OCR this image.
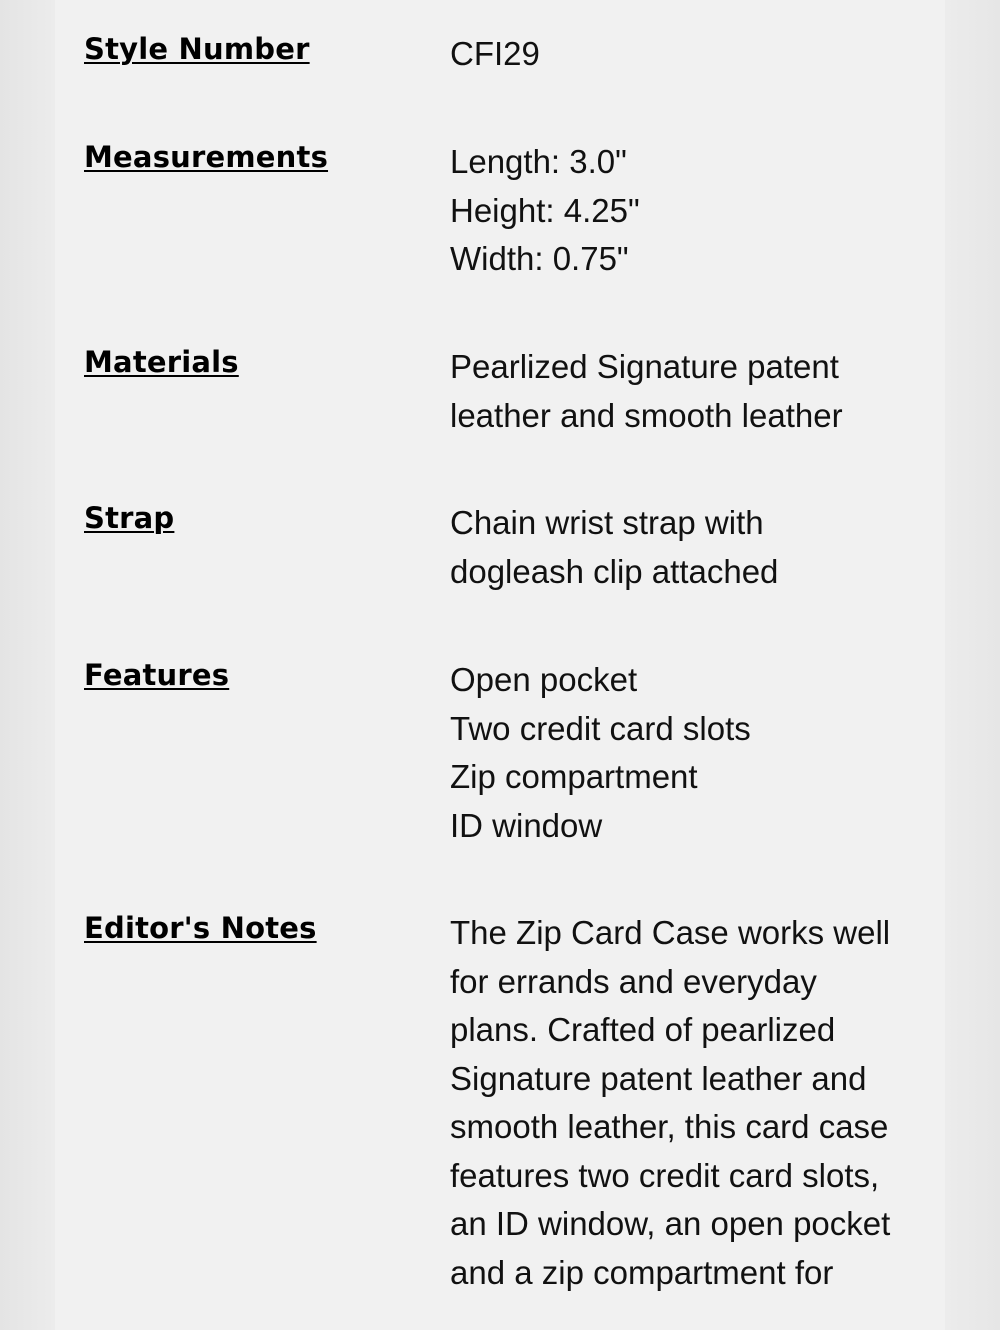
Style Number	CFI29

Measurements	Length: 3.0"
Height: 4.25"
Width: 0.75"
Materials	Pearlized Signature patent leather and smooth leather

Strap	Chain wrist strap with dogleash clip attached

Features	Open pocket
Two credit card slots
Zip compartment
ID window
Editor's Notes	The Zip Card Case works well for errands and everyday plans. Crafted of pearlized Signature patent leather and smooth leather, this card case features two credit card slots, an ID window, an open pocket and a zip compartment for
